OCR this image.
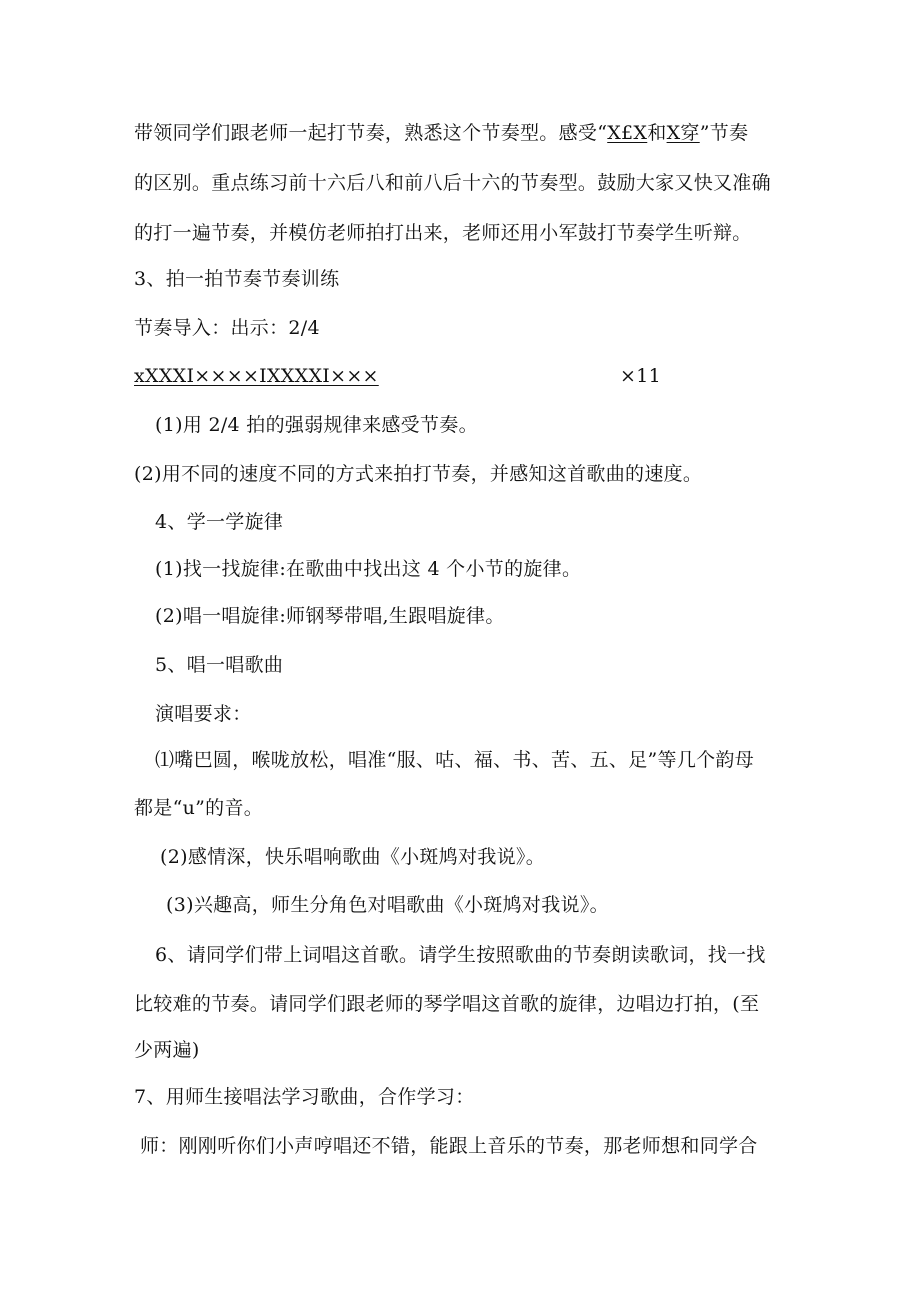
带领同学们跟老师一起打节奏，熟悉这个节奏型。感受“X£X和X穿”节奏
的区别。重点练习前十六后八和前八后十六的节奏型。鼓励大家又快又准确
的打一遍节奏，并模仿老师拍打出来，老师还用小军鼓打节奏学生听辩。
3、拍一拍节奏节奏训练
节奏导入：出示：2/4
ⅹXXXI××××IXXXXI×××	×11
(1)用 2/4 拍的强弱规律来感受节奏。
(2)用不同的速度不同的方式来拍打节奏，并感知这首歌曲的速度。
4、学一学旋律
(1)找一找旋律:在歌曲中找出这 4 个小节的旋律。
(2)唱一唱旋律:师钢琴带唱,生跟唱旋律。
5、唱一唱歌曲
演唱要求：
⑴嘴巴圆，喉咙放松，唱准“服、咕、福、书、苦、五、足”等几个韵母
都是“u”的音。
(2)感情深，快乐唱响歌曲《小斑鸠对我说》。
(3)兴趣高，师生分角色对唱歌曲《小斑鸠对我说》。
6、请同学们带上词唱这首歌。请学生按照歌曲的节奏朗读歌词，找一找
比较难的节奏。请同学们跟老师的琴学唱这首歌的旋律，边唱边打拍，(至
少两遍)
7、用师生接唱法学习歌曲，合作学习：
师：刚刚听你们小声哼唱还不错，能跟上音乐的节奏，那老师想和同学合
